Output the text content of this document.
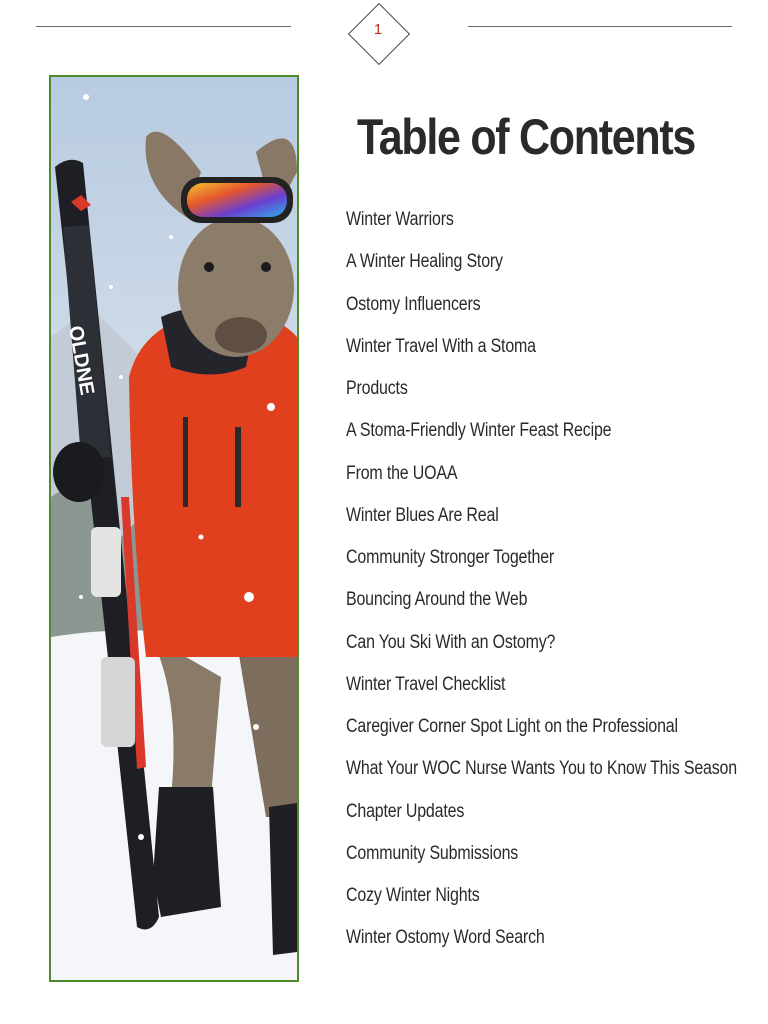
1
OLDNE
Table of Contents
Winter Warriors
A Winter Healing Story
Ostomy Influencers
Winter Travel With a Stoma
Products
A Stoma-Friendly Winter Feast Recipe
From the UOAA
Winter Blues Are Real
Community Stronger Together
Bouncing Around the Web
Can You Ski With an Ostomy?
Winter Travel Checklist
Caregiver Corner Spot Light on the Professional
What Your WOC Nurse Wants You to Know This Season
Chapter Updates
Community Submissions
Cozy Winter Nights
Winter Ostomy Word Search
